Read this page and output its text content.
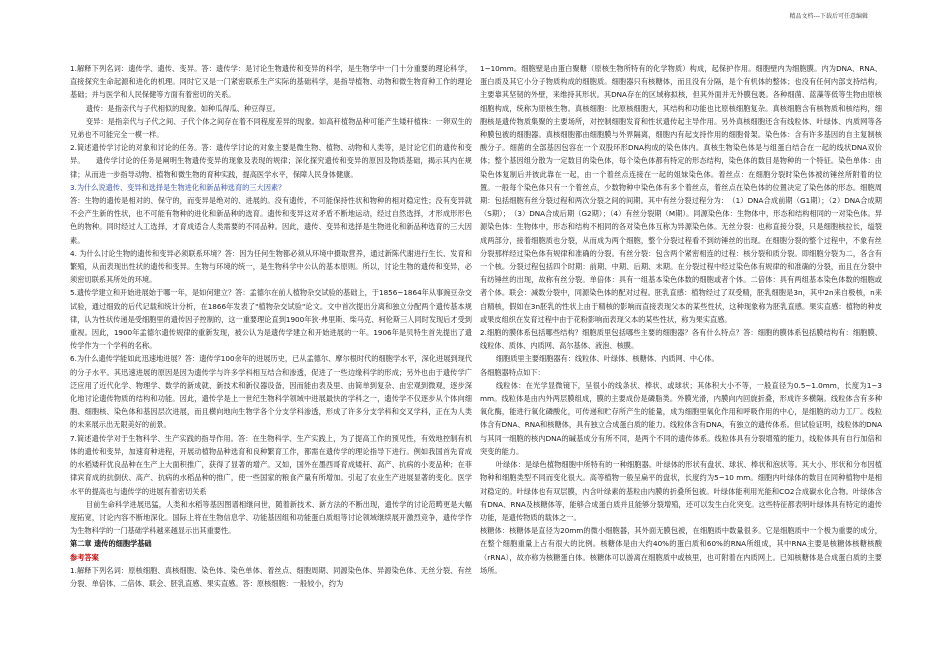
精品文档---下载后可任意编辑

1.解释下列名词：遗传学、遗传、变异。答：遗传学：是讨论生物遗传和变异的科学，是生物学中一门十分重要的理论科学，直接探究生命起源和进化的机理。同时它又是一门紧密联系生产实际的基础科学，是指导植物、动物和微生物育种工作的理论基础；并与医学和人民保健等方面有着密切的关系。

遗传：是指亲代与子代相似的现象。如种瓜得瓜、种豆得豆。

变异：是指亲代与子代之间、子代个体之间存在着不同程度差异的现象。如高秆植物品种可能产生矮秆植株：一卵双生的兄弟也不可能完全一模一样。

2.简述遗传学讨论的对象和讨论的任务。答：遗传学讨论的对象主要是微生物、植物、动物和人类等，是讨论它们的遗传和变异。　　遗传学讨论的任务是阐明生物遗传变异的现象及表现的规律；深化探究遗传和变异的原因及物质基础，揭示其内在规律；从而进一步指导动物、植物和微生物的育种实践，提高医学水平，保障人民身体健康。

3.为什么说遗传、变异和选择是生物进化和新品种选育的三大因素？

答：生物的遗传是相对的、保守的，而变异是绝对的、进展的。没有遗传，不可能保持性状和物种的相对稳定性；没有变异就不会产生新的性状，也不可能有物种的进化和新品种的选育。遗传和变异这对矛盾不断地运动，经过自然选择，才形成形形色色的物种。同时经过人工选择，才育成适合人类需要的不同品种。因此，遗传、变异和选择是生物进化和新品种选育的三大因素。

4. 为什么讨论生物的遗传和变异必须联系环境？答：因为任何生物都必须从环境中摄取营养，通过新陈代谢进行生长、发育和繁殖，从而表现出性状的遗传和变异。生物与环境的统一，是生物科学中公认的基本原则。所以，讨论生物的遗传和变异，必须密切联系其所处的环境。

5.遗传学建立和开始进展始于哪一年，是如何建立？答：孟德尔在前人植物杂交试验的基础上，于1856~1864年从事豌豆杂交试验，通过细致的后代记载和统计分析，在1866年发表了"植物杂交试验"论文。文中首次提出分离和独立分配两个遗传基本规律，认为性状传递是受细胞里的遗传因子控制的，这一重要理论直到1900年狄·弗里斯、柴马克、柯伦斯三人同时发现后才受到重视。因此，1900年孟德尔遗传规律的重新发现，被公认为是遗传学建立和开始进展的一年。1906年是贝特生首先提出了遗传学作为一个学科的名称。

6.为什么遗传学能如此迅速地进展？答：遗传学100余年的进展历史，已从孟德尔、摩尔根时代的细胞学水平，深化进展到现代的分子水平。其迅速进展的原因是因为遗传学与许多学科相互结合和渗透，促进了一些边缘科学的形成；另外也由于遗传学广泛应用了近代化学、物理学、数学的新成就、新技术和新仪器设备，因而能由表及里、由简单到复杂、由宏观到微观，逐步深化地讨论遗传物质的结构和功能。因此，遗传学是上一世纪生物科学领域中进展最快的学科之一，遗传学不仅逐步从个体向细胞、细胞核、染色体和基因层次进展，而且横向地向生物学各个分支学科渗透，形成了许多分支学科和交叉学科，正在为人类的未来展示出无限美好的前景。

7.简述遗传学对于生物科学、生产实践的指导作用。答：在生物科学、生产实践上，为了提高工作的预见性，有效地控制有机体的遗传和变异，加速育种进程，开展动植物品种选育和良种繁育工作，都需在遗传学的理论指导下进行。例如我国首先育成的水稻矮秆优良品种在生产上大面积推广，获得了显著的增产。又如，国外在墨西哥育成矮秆、高产、抗病的小麦品种；在菲律宾育成的抗倒伏、高产、抗病的水稻品种的推广，使一些国家的粮食产量有所增加。引起了农业生产进展显著的变化。医学水平的提高也与遗传学的进展有着密切关系

目前生命科学进展迅猛，人类和水稻等基因图谱相继问世，随着新技术、新方法的不断出现，遗传学的讨论范畴更是大幅度拓宽，讨论内容不断地深化。国际上将在生物信息学、功能基因组和功能蛋白质组等讨论领域继续展开激烈竞争，遗传学作为生物科学的一门基础学科越来越显示出其重要性。

第二章 遗传的细胞学基础

参考答案

1.解释下列名词：原核细胞、真核细胞、染色体、染色单体、着丝点、细胞周期、同源染色体、异源染色体、无丝分裂、有丝分裂、单倍体、二倍体、联会、胚乳直感、果实直感。答：原核细胞：一般较小，约为

1~10mm。细胞壁是由蛋白聚糖（原核生物所特有的化学物质）构成，起保护作用。细胞壁内为细胞膜。内为DNA、RNA、蛋白质及其它小分子物质构成的细胞质。细胞器只有核糖体，而且没有分隔，是个有机体的整体；也没有任何内部支持结构，主要靠其坚韧的外壁，来维持其形状。其DNA存在的区域称拟核，但其外面并无外膜包裹。各种细菌、蓝藻等低等生物由原核细胞构成，统称为原核生物。真核细胞：比原核细胞大，其结构和功能也比原核细胞复杂。真核细胞含有核物质和核结构，细胞核是遗传物质集聚的主要场所，对控制细胞发育和性状遗传起主导作用。另外真核细胞还含有线粒体、叶绿体、内质网等各种膜包被的细胞器。真核细胞都由细胞膜与外界隔离，细胞内有起支持作用的细胞骨架。染色体：含有许多基因的自主复制核酸分子。细菌的全部基因包容在一个双股环形DNA构成的染色体内。真核生物染色体是与组蛋白结合在一起的线状DNA双价体；整个基因组分散为一定数目的染色体，每个染色体都有特定的形态结构，染色体的数目是物种的一个特征。染色单体：由染色体复制后并彼此靠在一起，由一个着丝点连接在一起的姐妹染色体。着丝点：在细胞分裂时染色体被纺锤丝所附着的位置。一般每个染色体只有一个着丝点，少数物种中染色体有多个着丝点，着丝点在染色体的位置决定了染色体的形态。细胞周期：包括细胞有丝分裂过程和两次分裂之间的间期。其中有丝分裂过程分为：　（1）DNA合成前期（G1期）；（2）DNA合成期（S期）；　（3）DNA合成后期（G2期）；（4）有丝分裂期（M期）。同源染色体：生物体中，形态和结构相同的一对染色体。异源染色体：生物体中，形态和结构不相同的各对染色体互称为异源染色体。无丝分裂：也称直接分裂，只是细胞核拉长，缢裂成两部分，接着细胞质也分裂，从而成为两个细胞，整个分裂过程看不到纺锤丝的出现。在细胞分裂的整个过程中，不象有丝分裂那样经过染色体有规律和准确的分裂。有丝分裂：包含两个紧密相连的过程：核分裂和质分裂。即细胞分裂为二，各含有一个核。分裂过程包括四个时期：前期、中期、后期、末期。在分裂过程中经过染色体有规律的和准确的分裂，而且在分裂中有纺锤丝的出现，故称有丝分裂。单倍体：具有一组基本染色体数的细胞或者个体。二倍体：具有两组基本染色体数的细胞或者个体。联会：减数分裂中，同源染色体的配对过程。胚乳直感：植物经过了双受精，胚乳细胞是3n，其中2n来自极核，n来自精核，假如在3n胚乳的性状上由于精核的影响而直接表现父本的某些性状，这种现象称为胚乳直感。果实直感：植物的种皮或果皮组织在发育过程中由于花粉影响而表现父本的某些性状，称为果实直感。

2.细胞的膜体系包括哪些结构？细胞质里包括哪些主要的细胞器？各有什么特点？答：细胞的膜体系包括膜结构有：细胞膜、线粒体、质体、内质网、高尔基体、液泡、核膜。

细胞质里主要细胞器有：线粒体、叶绿体、核糖体、内质网、中心体。

各细胞器特点如下：

线粒体：在光学显微镜下，呈很小的线条状、棒状、或球状；其体积大小不等，一般直径为0.5~1.0mm，长度为1~3 mm。线粒体是由内外两层膜组成，膜的主要成份是磷脂类。外膜光滑，内膜向内回旋折叠，形成许多横隔。线粒体含有多种氧化酶，能进行氧化磷酸化，可传递和贮存所产生的能量，成为细胞里氧化作用和呼吸作用的中心，是细胞的动力工厂。线粒体含有DNA、RNA和核糖体，具有独立合成蛋白质的能力。线粒体含有DNA，有独立的遗传体系。但试验证明，线粒体的DNA与其同一细胞的核内DNA的碱基成分有所不同，是两个不同的遗传体系。线粒体具有分裂增殖的能力，线粒体具有自行加倍和突变的能力。

叶绿体：是绿色植物细胞中所特有的一种细胞器。叶绿体的形状有盘状、球状、棒状和泡状等。其大小、形状和分布因植物种和细胞类型不同而变化很大。高等植物一般呈扁平的盘状，长度约为5~10 mm。细胞内叶绿体的数目在同种植物中是相对稳定的。叶绿体也有双层膜，内含叶绿素的基粒由内膜的折叠所包被。叶绿体能利用光能和CO2合成碳水化合物。叶绿体含有DNA、RNA及核糖体等，能够合成蛋白质并且能够分裂增殖，还可以发生白化突变。这些特征都表明叶绿体具有特定的遗传功能，是遗传物质的载体之一。

核糖体：核糖体是直径为20mm的微小细胞器，其外面无膜包被，在细胞质中数量很多。它是细胞质中一个极为重要的成分，在整个细胞重量上占有很大的比例。核糖体是由大约40%的蛋白质和60%的RNA所组成，其中RNA主要是核糖体核糖核酸（rRNA），故亦称为核糖蛋白体。核糖体可以游离在细胞质中或核里，也可附着在内质网上。已知核糖体是合成蛋白质的主要场所。
